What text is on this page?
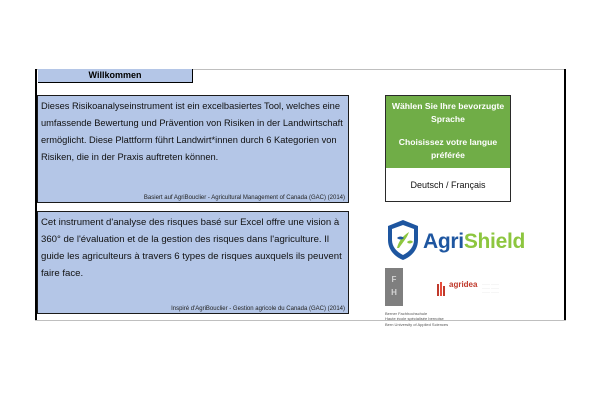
Willkommen

Dieses Risikoanalyseinstrument ist ein excelbasiertes Tool, welches eine umfassende Bewertung und Prävention von Risiken in der Landwirtschaft ermöglicht. Diese Plattform führt Landwirt*innen durch 6 Kategorien von Risiken, die in der Praxis auftreten können.

Basiert auf AgriBouclier - Agricultural Management of Canada (GAC) (2014)

Cet instrument d'analyse des risques basé sur Excel offre une vision à 360° de l'évaluation et de la gestion des risques dans l'agriculture. Il guide les agriculteurs à travers 6 types de risques auxquels ils peuvent faire face.

Inspiré d'AgriBouclier - Gestion agricole du Canada (GAC) (2014)
Wählen Sie Ihre bevorzugte Sprache
Choisissez votre langue préférée
Deutsch / Français
AgriShield
F
H
Berner Fachhochschule
Haute école spécialisée bernoise
Bern University of Applied Sciences
agridea ········ ········
········ ········
········ ········
